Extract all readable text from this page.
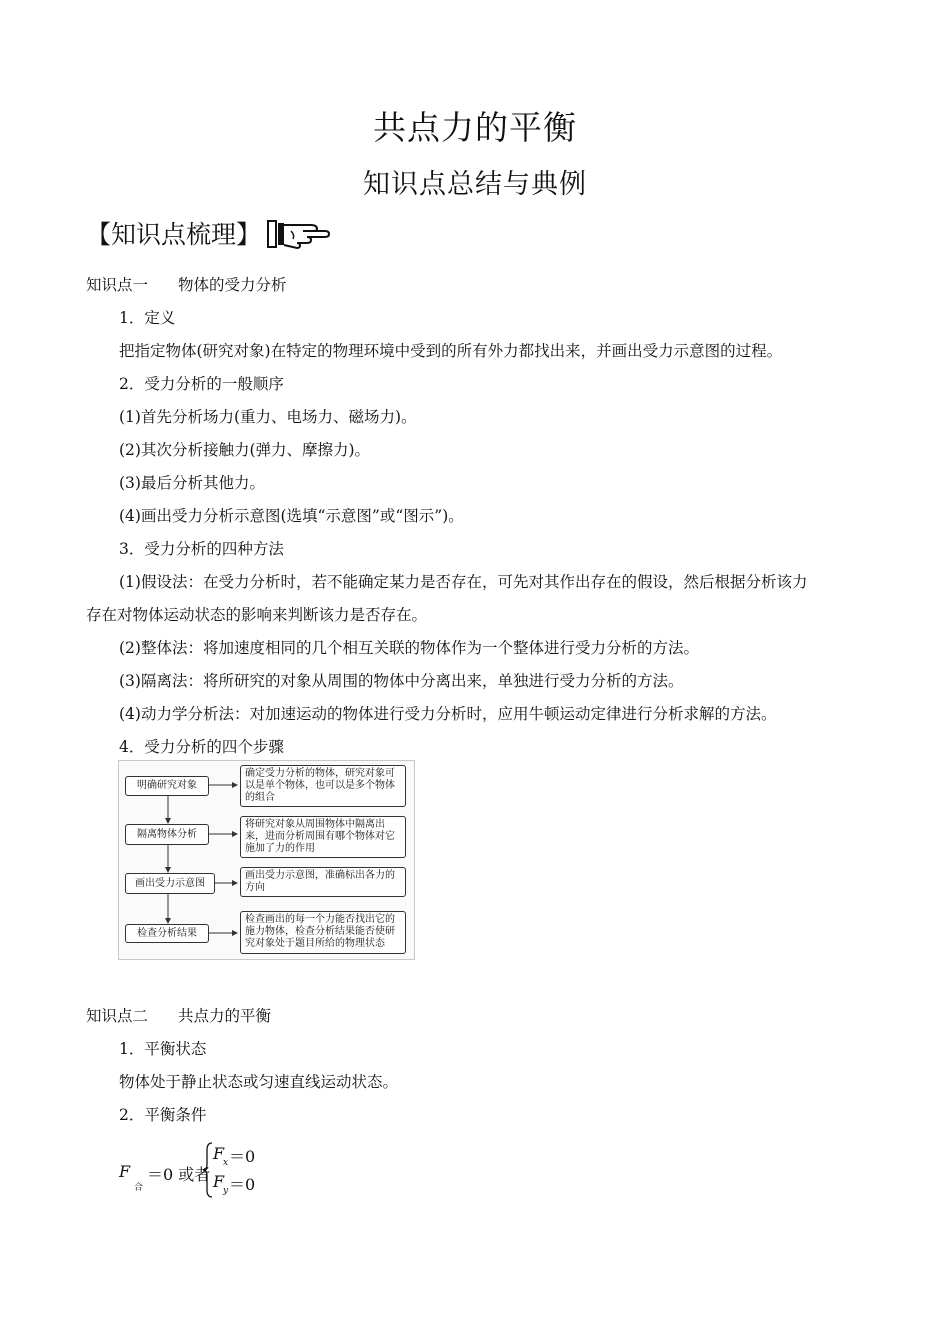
共点力的平衡
知识点总结与典例
【知识点梳理】
知识点一 物体的受力分析
1．定义
把指定物体(研究对象)在特定的物理环境中受到的所有外力都找出来，并画出受力示意图的过程。
2．受力分析的一般顺序
(1)首先分析场力(重力、电场力、磁场力)。
(2)其次分析接触力(弹力、摩擦力)。
(3)最后分析其他力。
(4)画出受力分析示意图(选填“示意图”或“图示”)。
3．受力分析的四种方法
(1)假设法：在受力分析时，若不能确定某力是否存在，可先对其作出存在的假设，然后根据分析该力
存在对物体运动状态的影响来判断该力是否存在。
(2)整体法：将加速度相同的几个相互关联的物体作为一个整体进行受力分析的方法。
(3)隔离法：将所研究的对象从周围的物体中分离出来，单独进行受力分析的方法。
(4)动力学分析法：对加速运动的物体进行受力分析时，应用牛顿运动定律进行分析求解的方法。
4．受力分析的四个步骤
明确研究对象
确定受力分析的物体，研究对象可以是单个物体，也可以是多个物体的组合
隔离物体分析
将研究对象从周围物体中隔离出来，进而分析周围有哪个物体对它施加了力的作用
画出受力示意图
画出受力示意图，准确标出各力的方向
检查分析结果
检查画出的每一个力能否找出它的施力物体，检查分析结果能否使研究对象处于题目所给的物理状态
知识点二 共点力的平衡
1．平衡状态
物体处于静止状态或匀速直线运动状态。
2．平衡条件
F
合
＝0 或者
F
x ＝0
F
y ＝0
